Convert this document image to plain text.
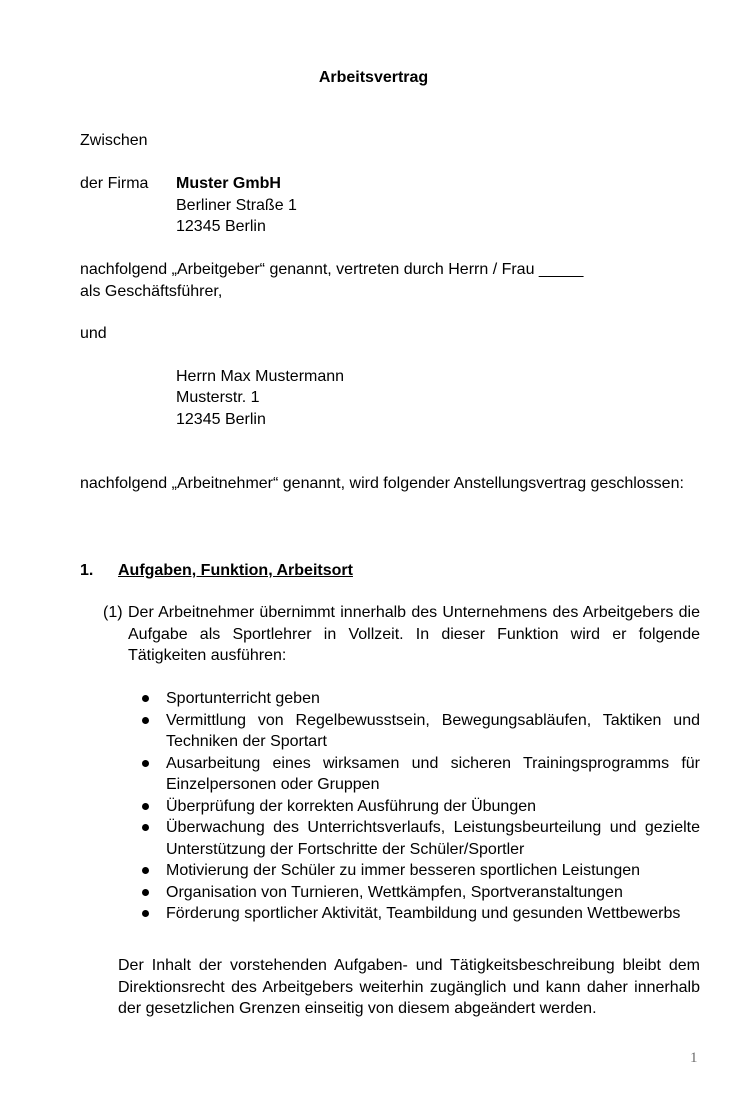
Arbeitsvertrag
Zwischen
der Firma Muster GmbH
Berliner Straße 1
12345 Berlin
nachfolgend „Arbeitgeber“ genannt, vertreten durch Herrn / Frau _____ als Geschäftsführer,
und
Herrn Max Mustermann
Musterstr. 1
12345 Berlin
nachfolgend „Arbeitnehmer“ genannt, wird folgender Anstellungsvertrag geschlossen:
1. Aufgaben, Funktion, Arbeitsort
(1) Der Arbeitnehmer übernimmt innerhalb des Unternehmens des Arbeitgebers die Aufgabe als Sportlehrer in Vollzeit. In dieser Funktion wird er folgende Tätigkeiten ausführen:
Sportunterricht geben
Vermittlung von Regelbewusstsein, Bewegungsabläufen, Taktiken und Techniken der Sportart
Ausarbeitung eines wirksamen und sicheren Trainingsprogramms für Einzelpersonen oder Gruppen
Überprüfung der korrekten Ausführung der Übungen
Überwachung des Unterrichtsverlaufs, Leistungsbeurteilung und gezielte Unterstützung der Fortschritte der Schüler/Sportler
Motivierung der Schüler zu immer besseren sportlichen Leistungen
Organisation von Turnieren, Wettkämpfen, Sportveranstaltungen
Förderung sportlicher Aktivität, Teambildung und gesunden Wettbewerbs
Der Inhalt der vorstehenden Aufgaben- und Tätigkeitsbeschreibung bleibt dem Direktionsrecht des Arbeitgebers weiterhin zugänglich und kann daher innerhalb der gesetzlichen Grenzen einseitig von diesem abgeändert werden.
1
